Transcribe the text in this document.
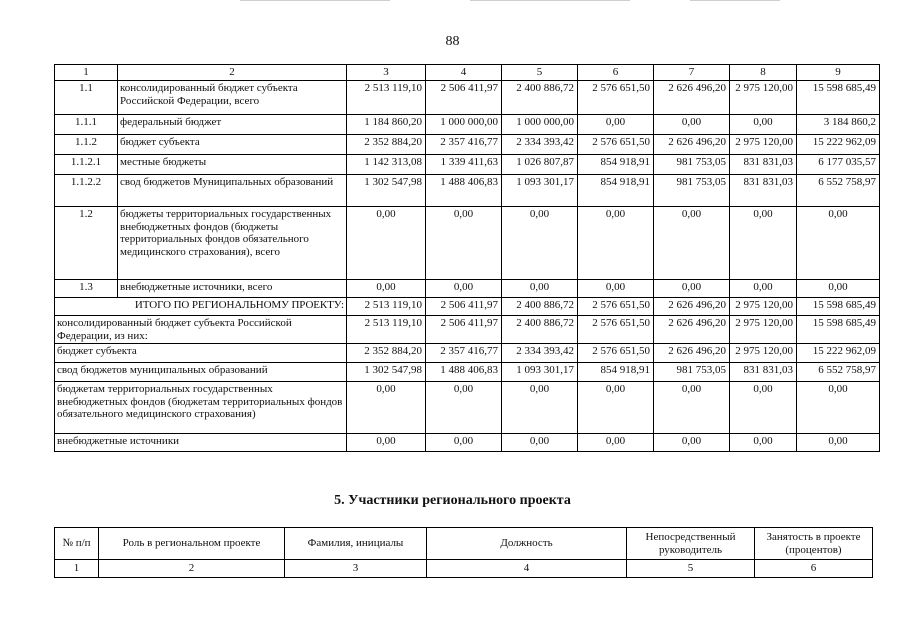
88
1	2	3	4	5	6	7	8	9
1.1	консолидированный бюджет субъекта Российской Федерации, всего	2 513 119,10	2 506 411,97	2 400 886,72	2 576 651,50	2 626 496,20	2 975 120,00	15 598 685,49
1.1.1	федеральный бюджет	1 184 860,20	1 000 000,00	1 000 000,00	0,00	0,00	0,00	3 184 860,2
1.1.2	бюджет субъекта	2 352 884,20	2 357 416,77	2 334 393,42	2 576 651,50	2 626 496,20	2 975 120,00	15 222 962,09
1.1.2.1	местные бюджеты	1 142 313,08	1 339 411,63	1 026 807,87	854 918,91	981 753,05	831 831,03	6 177 035,57
1.1.2.2	свод бюджетов Муниципальных образований	1 302 547,98	1 488 406,83	1 093 301,17	854 918,91	981 753,05	831 831,03	6 552 758,97
1.2	бюджеты территориальных государственных внебюджетных фондов (бюджеты территориальных фондов обязательного медицинского страхования), всего	0,00	0,00	0,00	0,00	0,00	0,00	0,00
1.3	внебюджетные источники, всего	0,00	0,00	0,00	0,00	0,00	0,00	0,00
ИТОГО ПО РЕГИОНАЛЬНОМУ ПРОЕКТУ:		2 513 119,10	2 506 411,97	2 400 886,72	2 576 651,50	2 626 496,20	2 975 120,00	15 598 685,49
консолидированный бюджет субъекта Российской Федерации, из них:		2 513 119,10	2 506 411,97	2 400 886,72	2 576 651,50	2 626 496,20	2 975 120,00	15 598 685,49
бюджет субъекта		2 352 884,20	2 357 416,77	2 334 393,42	2 576 651,50	2 626 496,20	2 975 120,00	15 222 962,09
свод бюджетов муниципальных образований		1 302 547,98	1 488 406,83	1 093 301,17	854 918,91	981 753,05	831 831,03	6 552 758,97
бюджетам территориальных государственных внебюджетных фондов (бюджетам территориальных фондов обязательного медицинского страхования)		0,00	0,00	0,00	0,00	0,00	0,00	0,00
внебюджетные источники		0,00	0,00	0,00	0,00	0,00	0,00	0,00
5. Участники регионального проекта
№ п/п	Роль в региональном проекте	Фамилия, инициалы	Должность	Непосредственный руководитель	Занятость в проекте (процентов)
1	2	3	4	5	6
